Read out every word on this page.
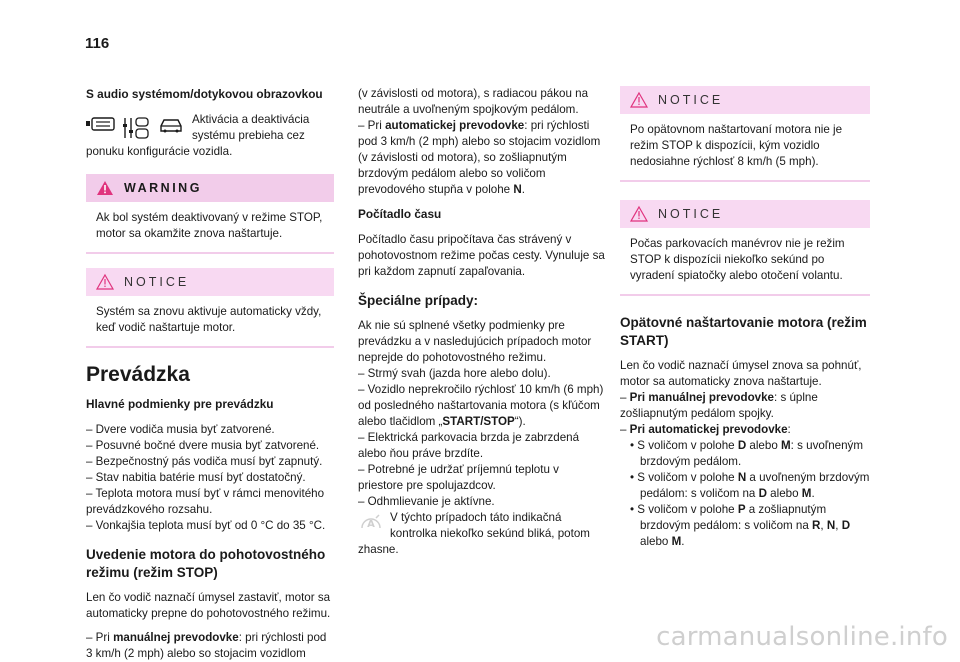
116
S audio systémom/dotykovou obrazovkou

Aktivácia a deaktivácia systému prebieha cez

ponuku konfigurácie vozidla.

WARNING

Ak bol systém deaktivovaný v režime STOP, motor sa okamžite znova naštartuje.

NOTICE

Systém sa znovu aktivuje automaticky vždy, keď vodič naštartuje motor.

Prevádzka
Hlavné podmienky pre prevádzku

– Dvere vodiča musia byť zatvorené.

– Posuvné bočné dvere musia byť zatvorené.

– Bezpečnostný pás vodiča musí byť zapnutý.

– Stav nabitia batérie musí byť dostatočný.

– Teplota motora musí byť v rámci menovitého prevádzkového rozsahu.

– Vonkajšia teplota musí byť od 0 °C do 35 °C.

Uvedenie motora do pohotovostného režimu (režim STOP)

Len čo vodič naznačí úmysel zastaviť, motor sa automaticky prepne do pohotovostného režimu.

– Pri manuálnej prevodovke: pri rýchlosti pod 3 km/h (2 mph) alebo so stojacim vozidlom

(v závislosti od motora), s radiacou pákou na neutrále a uvoľneným spojkovým pedálom.

– Pri automatickej prevodovke: pri rýchlosti pod 3 km/h (2 mph) alebo so stojacim vozidlom (v závislosti od motora), so zošliapnutým brzdovým pedálom alebo so voličom prevodového stupňa v polohe N.

Počítadlo času

Počítadlo času pripočítava čas strávený v pohotovostnom režime počas cesty. Vynuluje sa pri každom zapnutí zapaľovania.

Špeciálne prípady:

Ak nie sú splnené všetky podmienky pre prevádzku a v nasledujúcich prípadoch motor neprejde do pohotovostného režimu.

– Strmý svah (jazda hore alebo dolu).

– Vozidlo neprekročilo rýchlosť 10 km/h (6 mph) od posledného naštartovania motora (s kľúčom alebo tlačidlom „START/STOP“).

– Elektrická parkovacia brzda je zabrzdená alebo ňou práve brzdíte.

– Potrebné je udržať príjemnú teplotu v priestore pre spolujazdcov.

– Odhmlievanie je aktívne.

A

V týchto prípadoch táto indikačná kontrolka niekoľko sekúnd bliká, potom

zhasne.

NOTICE

Po opätovnom naštartovaní motora nie je režim STOP k dispozícii, kým vozidlo nedosiahne rýchlosť 8 km/h (5 mph).

NOTICE

Počas parkovacích manévrov nie je režim STOP k dispozícii niekoľko sekúnd po vyradení spiatočky alebo otočení volantu.

Opätovné naštartovanie motora (režim START)

Len čo vodič naznačí úmysel znova sa pohnúť, motor sa automaticky znova naštartuje.

– Pri manuálnej prevodovke: s úplne zošliapnutým pedálom spojky.

– Pri automatickej prevodovke:

• S voličom v polohe D alebo M: s uvoľneným brzdovým pedálom.
• S voličom v polohe N a uvoľneným brzdovým pedálom: s voličom na D alebo M.
• S voličom v polohe P a zošliapnutým brzdovým pedálom: s voličom na R, N, D alebo M.
carmanualsonline.info
